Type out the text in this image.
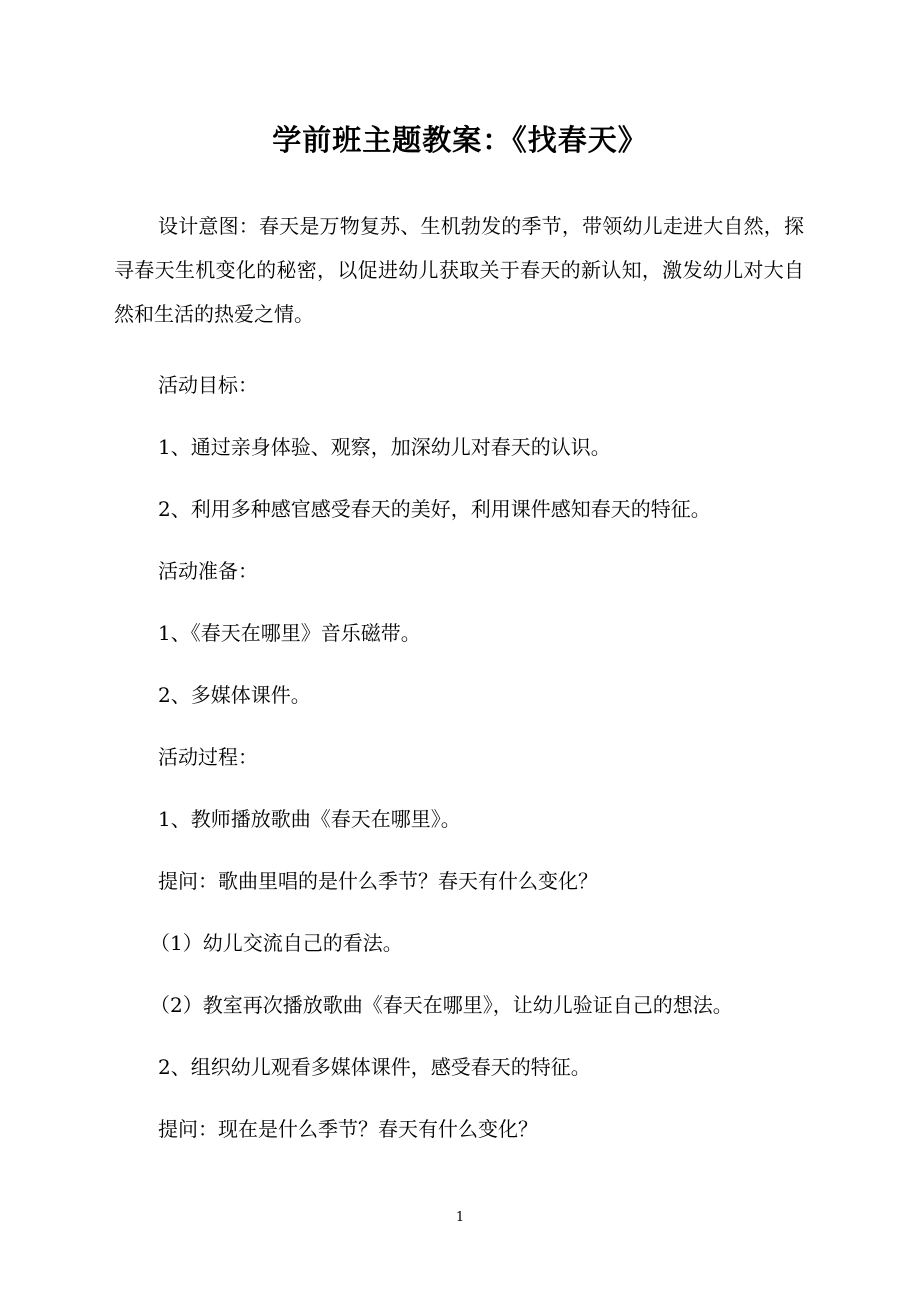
学前班主题教案：《找春天》
设计意图：春天是万物复苏、生机勃发的季节，带领幼儿走进大自然，探寻春天生机变化的秘密，以促进幼儿获取关于春天的新认知，激发幼儿对大自然和生活的热爱之情。
活动目标：
1、通过亲身体验、观察，加深幼儿对春天的认识。
2、利用多种感官感受春天的美好，利用课件感知春天的特征。
活动准备：
1、《春天在哪里》音乐磁带。
2、多媒体课件。
活动过程：
1、教师播放歌曲《春天在哪里》。
提问：歌曲里唱的是什么季节？春天有什么变化？
（1）幼儿交流自己的看法。
（2）教室再次播放歌曲《春天在哪里》，让幼儿验证自己的想法。
2、组织幼儿观看多媒体课件，感受春天的特征。
提问：现在是什么季节？春天有什么变化？
1
